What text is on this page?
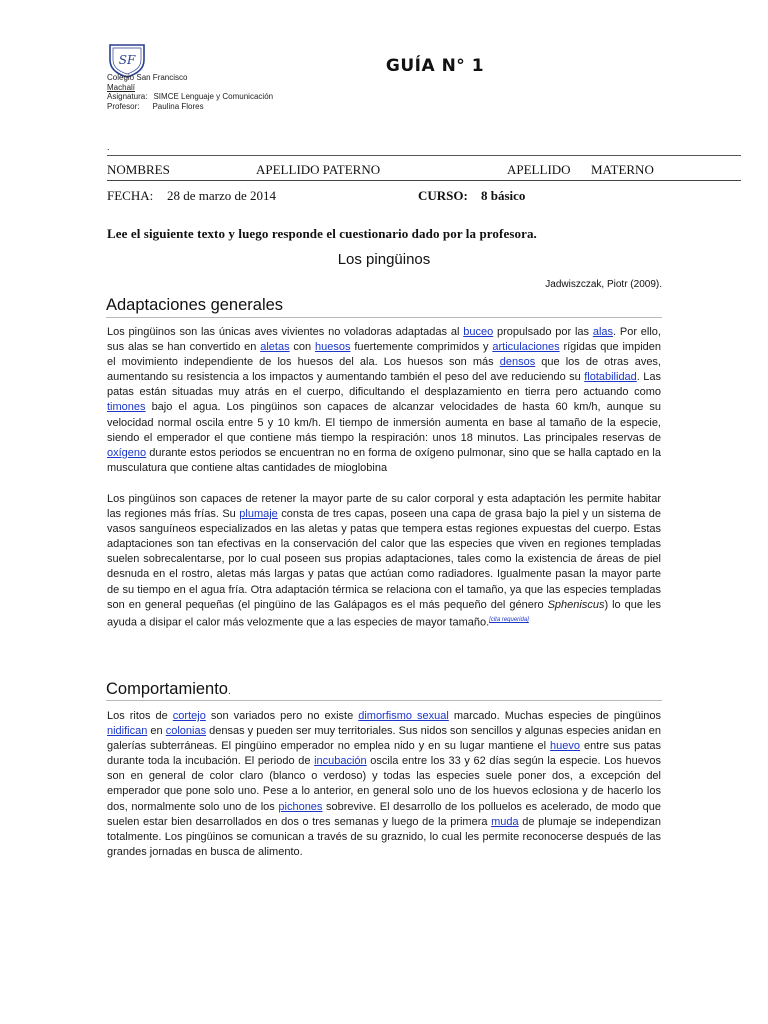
SF
Colegio San Francisco
Machalí
Asignatura: SIMCE Lenguaje y Comunicación
Profesor: Paulina Flores
GUÍA N° 1
.
NOMBRES	APELLIDO PATERNO	APELLIDO MATERNO
FECHA: 28 de marzo de 2014	CURSO: 8 básico
Lee el siguiente texto y luego responde el cuestionario dado por la profesora.
Los pingüinos
Jadwiszczak, Piotr (2009).
Adaptaciones generales

Los pingüinos son las únicas aves vivientes no voladoras adaptadas al buceo propulsado por las alas. Por ello, sus alas se han convertido en aletas con huesos fuertemente comprimidos y articulaciones rígidas que impiden el movimiento independiente de los huesos del ala. Los huesos son más densos que los de otras aves, aumentando su resistencia a los impactos y aumentando también el peso del ave reduciendo su flotabilidad. Las patas están situadas muy atrás en el cuerpo, dificultando el desplazamiento en tierra pero actuando como timones bajo el agua. Los pingüinos son capaces de alcanzar velocidades de hasta 60 km/h, aunque su velocidad normal oscila entre 5 y 10 km/h. El tiempo de inmersión aumenta en base al tamaño de la especie, siendo el emperador el que contiene más tiempo la respiración: unos 18 minutos. Las principales reservas de oxígeno durante estos periodos se encuentran no en forma de oxígeno pulmonar, sino que se halla captado en la musculatura que contiene altas cantidades de mioglobina

Los pingüinos son capaces de retener la mayor parte de su calor corporal y esta adaptación les permite habitar las regiones más frías. Su plumaje consta de tres capas, poseen una capa de grasa bajo la piel y un sistema de vasos sanguíneos especializados en las aletas y patas que tempera estas regiones expuestas del cuerpo. Estas adaptaciones son tan efectivas en la conservación del calor que las especies que viven en regiones templadas suelen sobrecalentarse, por lo cual poseen sus propias adaptaciones, tales como la existencia de áreas de piel desnuda en el rostro, aletas más largas y patas que actúan como radiadores. Igualmente pasan la mayor parte de su tiempo en el agua fría. Otra adaptación térmica se relaciona con el tamaño, ya que las especies templadas son en general pequeñas (el pingüino de las Galápagos es el más pequeño del género Spheniscus) lo que les ayuda a disipar el calor más velozmente que a las especies de mayor tamaño.[cita requerida]

Comportamiento.

Los ritos de cortejo son variados pero no existe dimorfismo sexual marcado. Muchas especies de pingüinos nidifican en colonias densas y pueden ser muy territoriales. Sus nidos son sencillos y algunas especies anidan en galerías subterráneas. El pingüino emperador no emplea nido y en su lugar mantiene el huevo entre sus patas durante toda la incubación. El periodo de incubación oscila entre los 33 y 62 días según la especie. Los huevos son en general de color claro (blanco o verdoso) y todas las especies suele poner dos, a excepción del emperador que pone solo uno. Pese a lo anterior, en general solo uno de los huevos eclosiona y de hacerlo los dos, normalmente solo uno de los pichones sobrevive. El desarrollo de los polluelos es acelerado, de modo que suelen estar bien desarrollados en dos o tres semanas y luego de la primera muda de plumaje se independizan totalmente. Los pingüinos se comunican a través de su graznido, lo cual les permite reconocerse después de las grandes jornadas en busca de alimento.
